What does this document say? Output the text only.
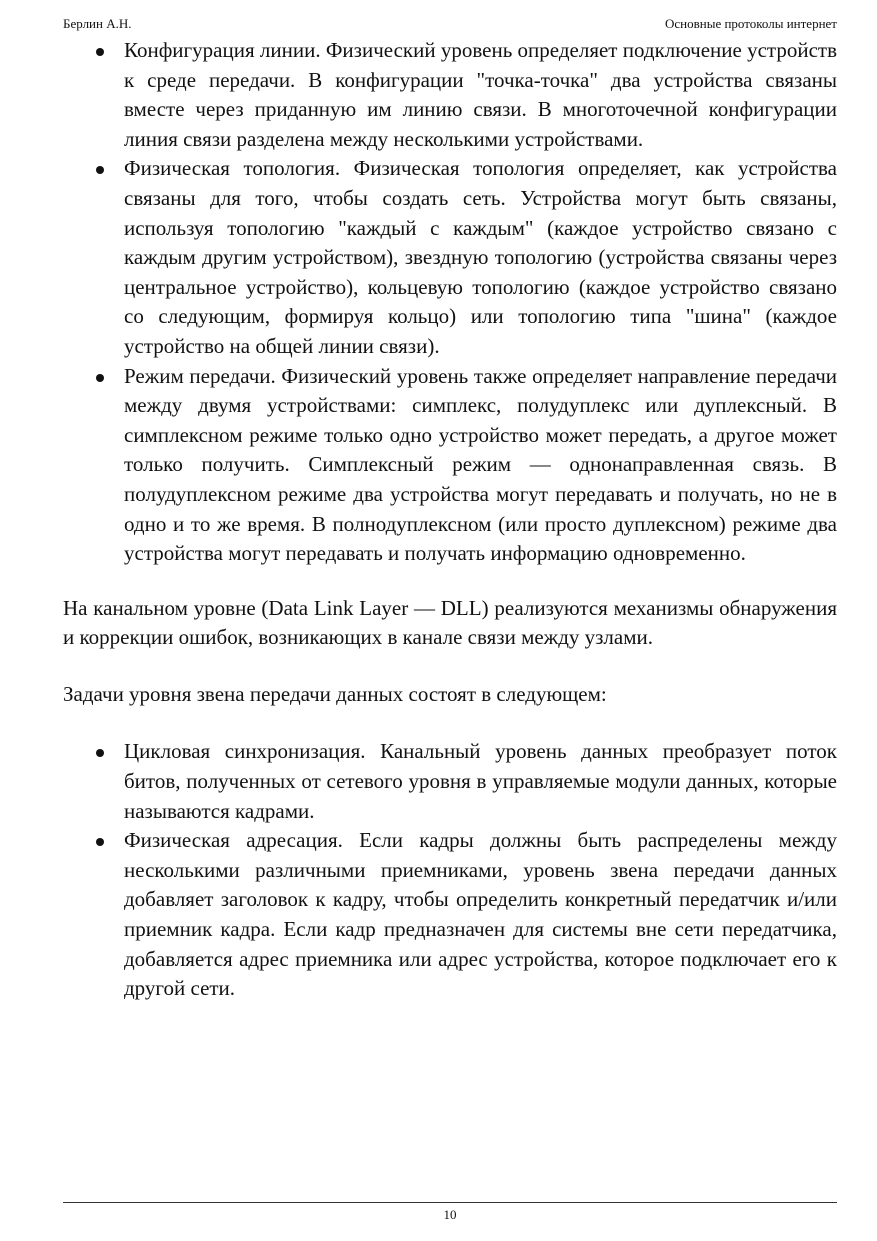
Берлин А.Н.	Основные протоколы интернет
Конфигурация линии. Физический уровень определяет подключение устройств к среде передачи. В конфигурации "точка-точка" два устройства связаны вместе через приданную им линию связи. В многоточечной конфигурации линия связи разделена между несколькими устройствами.
Физическая топология. Физическая топология определяет, как устройства связаны для того, чтобы создать сеть. Устройства могут быть связаны, используя топологию "каждый с каждым" (каждое устройство связано с каждым другим устройством), звездную топологию (устройства связаны через центральное устройство), кольцевую топологию (каждое устройство связано со следующим, формируя кольцо) или топологию типа "шина" (каждое устройство на общей линии связи).
Режим передачи. Физический уровень также определяет направление передачи между двумя устройствами: симплекс, полудуплекс или дуплексный. В симплексном режиме только одно устройство может передать, а другое может только получить. Симплексный режим — однонаправленная связь. В полудуплексном режиме два устройства могут передавать и получать, но не в одно и то же время. В полнодуплексном (или просто дуплексном) режиме два устройства могут передавать и получать информацию одновременно.

На канальном уровне (Data Link Layer — DLL) реализуются механизмы обнаружения и коррекции ошибок, возникающих в канале связи между узлами.

Задачи уровня звена передачи данных состоят в следующем:

Цикловая синхронизация. Канальный уровень данных преобразует поток битов, полученных от сетевого уровня в управляемые модули данных, которые называются кадрами.
Физическая адресация. Если кадры должны быть распределены между несколькими различными приемниками, уровень звена передачи данных добавляет заголовок к кадру, чтобы определить конкретный передатчик и/или приемник кадра. Если кадр предназначен для системы вне сети передатчика, добавляется адрес приемника или адрес устройства, которое подключает его к другой сети.
10
